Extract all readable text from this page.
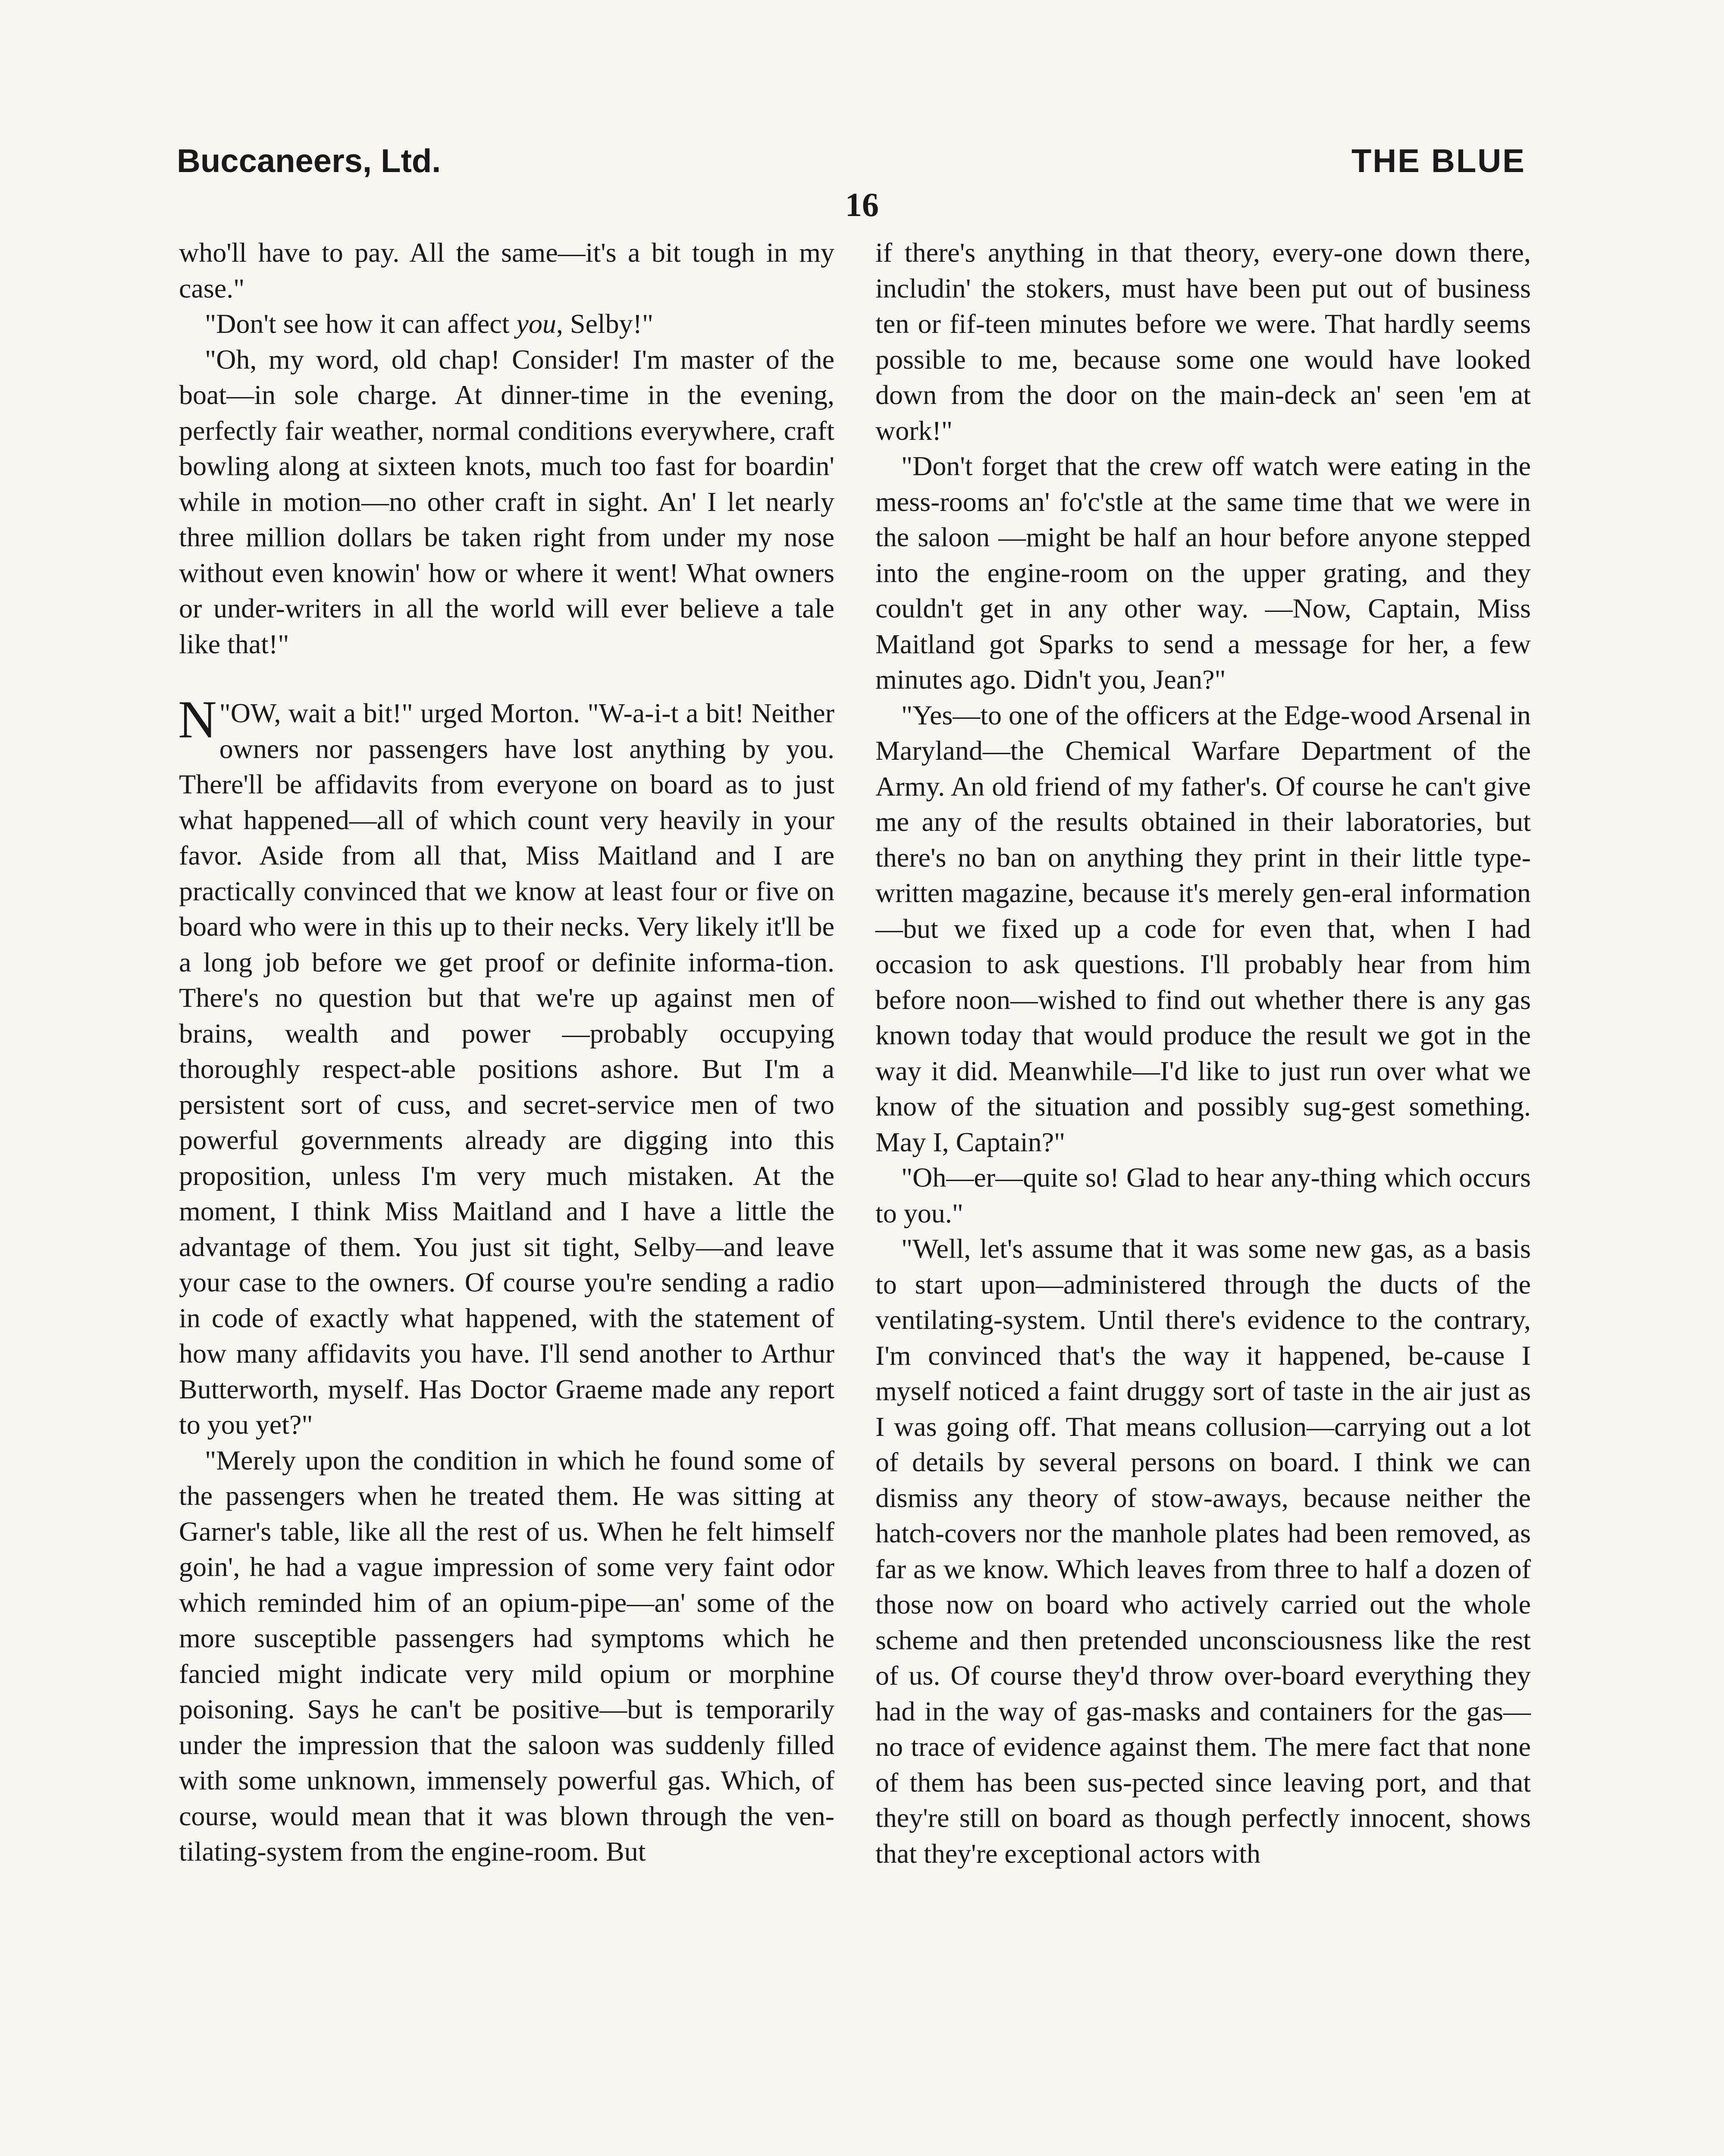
Buccaneers, Ltd.	THE BLUE
16

who'll have to pay. All the same—it's a bit tough in my case."

"Don't see how it can affect you, Selby!"

"Oh, my word, old chap! Consider! I'm master of the boat—in sole charge. At dinner-time in the evening, perfectly fair weather, normal conditions everywhere, craft bowling along at sixteen knots, much too fast for boardin' while in motion—no other craft in sight. An' I let nearly three million dollars be taken right from under my nose without even knowin' how or where it went! What owners or under-writers in all the world will ever believe a tale like that!"

"
N OW, wait a bit!" urged Morton. "W-a-i-t a bit! Neither owners nor passengers have lost anything by you. There'll be affidavits from everyone on board as to just what happened—all of which count very heavily in your favor. Aside from all that, Miss Maitland and I are practically convinced that we know at least four or five on board who were in this up to their necks. Very likely it'll be a long job before we get proof or definite informa-tion. There's no question but that we're up against men of brains, wealth and power —probably occupying thoroughly respect-able positions ashore. But I'm a persistent sort of cuss, and secret-service men of two powerful governments already are digging into this proposition, unless I'm very much mistaken. At the moment, I think Miss Maitland and I have a little the advantage of them. You just sit tight, Selby—and leave your case to the owners. Of course you're sending a radio in code of exactly what happened, with the statement of how many affidavits you have. I'll send another to Arthur Butterworth, myself. Has Doctor Graeme made any report to you yet?"

"Merely upon the condition in which he found some of the passengers when he treated them. He was sitting at Garner's table, like all the rest of us. When he felt himself goin', he had a vague impression of some very faint odor which reminded him of an opium-pipe—an' some of the more susceptible passengers had symptoms which he fancied might indicate very mild opium or morphine poisoning. Says he can't be positive—but is temporarily under the impression that the saloon was suddenly filled with some unknown, immensely powerful gas. Which, of course, would mean that it was blown through the ven-tilating-system from the engine-room. But

if there's anything in that theory, every-one down there, includin' the stokers, must have been put out of business ten or fif-teen minutes before we were. That hardly seems possible to me, because some one would have looked down from the door on the main-deck an' seen 'em at work!"

"Don't forget that the crew off watch were eating in the mess-rooms an' fo'c'stle at the same time that we were in the saloon —might be half an hour before anyone stepped into the engine-room on the upper grating, and they couldn't get in any other way. —Now, Captain, Miss Maitland got Sparks to send a message for her, a few minutes ago. Didn't you, Jean?"

"Yes—to one of the officers at the Edge-wood Arsenal in Maryland—the Chemical Warfare Department of the Army. An old friend of my father's. Of course he can't give me any of the results obtained in their laboratories, but there's no ban on anything they print in their little type-written magazine, because it's merely gen-eral information—but we fixed up a code for even that, when I had occasion to ask questions. I'll probably hear from him before noon—wished to find out whether there is any gas known today that would produce the result we got in the way it did. Meanwhile—I'd like to just run over what we know of the situation and possibly sug-gest something. May I, Captain?"

"Oh—er—quite so! Glad to hear any-thing which occurs to you."

"Well, let's assume that it was some new gas, as a basis to start upon—administered through the ducts of the ventilating-system. Until there's evidence to the contrary, I'm convinced that's the way it happened, be-cause I myself noticed a faint druggy sort of taste in the air just as I was going off. That means collusion—carrying out a lot of details by several persons on board. I think we can dismiss any theory of stow-aways, because neither the hatch-covers nor the manhole plates had been removed, as far as we know. Which leaves from three to half a dozen of those now on board who actively carried out the whole scheme and then pretended unconsciousness like the rest of us. Of course they'd throw over-board everything they had in the way of gas-masks and containers for the gas—no trace of evidence against them. The mere fact that none of them has been sus-pected since leaving port, and that they're still on board as though perfectly innocent, shows that they're exceptional actors with
